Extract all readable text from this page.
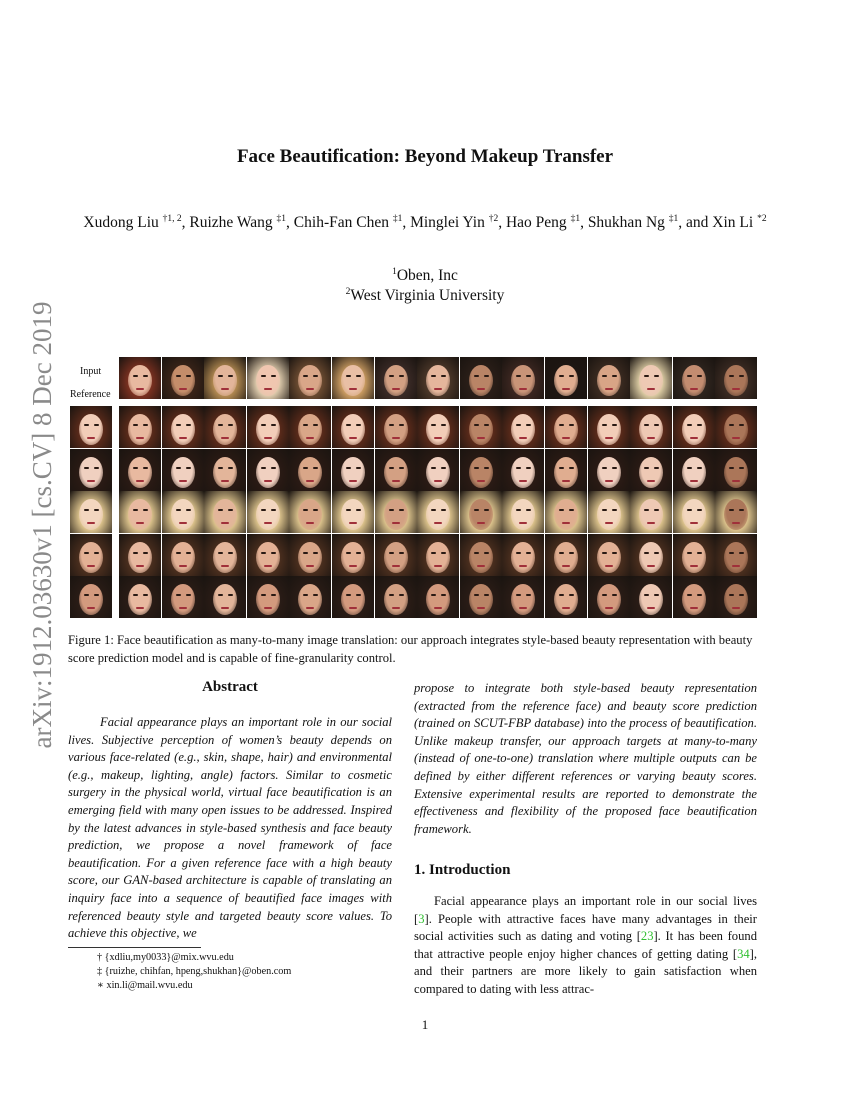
arXiv:1912.03630v1 [cs.CV] 8 Dec 2019
Face Beautification: Beyond Makeup Transfer
Xudong Liu $^{\dagger 1, 2}$, Ruizhe Wang $^{\ddagger 1}$, Chih-Fan Chen $^{\ddagger 1}$, Minglei Yin $^{\dagger 2}$, Hao Peng $^{\ddagger 1}$, Shukhan Ng $^{\ddagger 1}$, and Xin Li $^{*2}$
$^1$Oben, Inc
$^2$West Virginia University
Input
Reference
Figure 1: Face beautification as many-to-many image translation: our approach integrates style-based beauty representation with beauty score prediction model and is capable of fine-granularity control.
Abstract
Facial appearance plays an important role in our social lives. Subjective perception of women’s beauty depends on various face-related (e.g., skin, shape, hair) and environmental (e.g., makeup, lighting, angle) factors. Similar to cosmetic surgery in the physical world, virtual face beautification is an emerging field with many open issues to be addressed. Inspired by the latest advances in style-based synthesis and face beauty prediction, we propose a novel framework of face beautification. For a given reference face with a high beauty score, our GAN-based architecture is capable of translating an inquiry face into a sequence of beautified face images with referenced beauty style and targeted beauty score values. To achieve this objective, we
propose to integrate both style-based beauty representation (extracted from the reference face) and beauty score prediction (trained on SCUT-FBP database) into the process of beautification. Unlike makeup transfer, our approach targets at many-to-many (instead of one-to-one) translation where multiple outputs can be defined by either different references or varying beauty scores. Extensive experimental results are reported to demonstrate the effectiveness and flexibility of the proposed face beautification framework.
1. Introduction
Facial appearance plays an important role in our social lives [3]. People with attractive faces have many advantages in their social activities such as dating and voting [23]. It has been found that attractive people enjoy higher chances of getting dating [34], and their partners are more likely to gain satisfaction when compared to dating with less attrac-
† {xdliu,my0033}@mix.wvu.edu
‡ {ruizhe, chihfan, hpeng,shukhan}@oben.com
∗ xin.li@mail.wvu.edu
1
